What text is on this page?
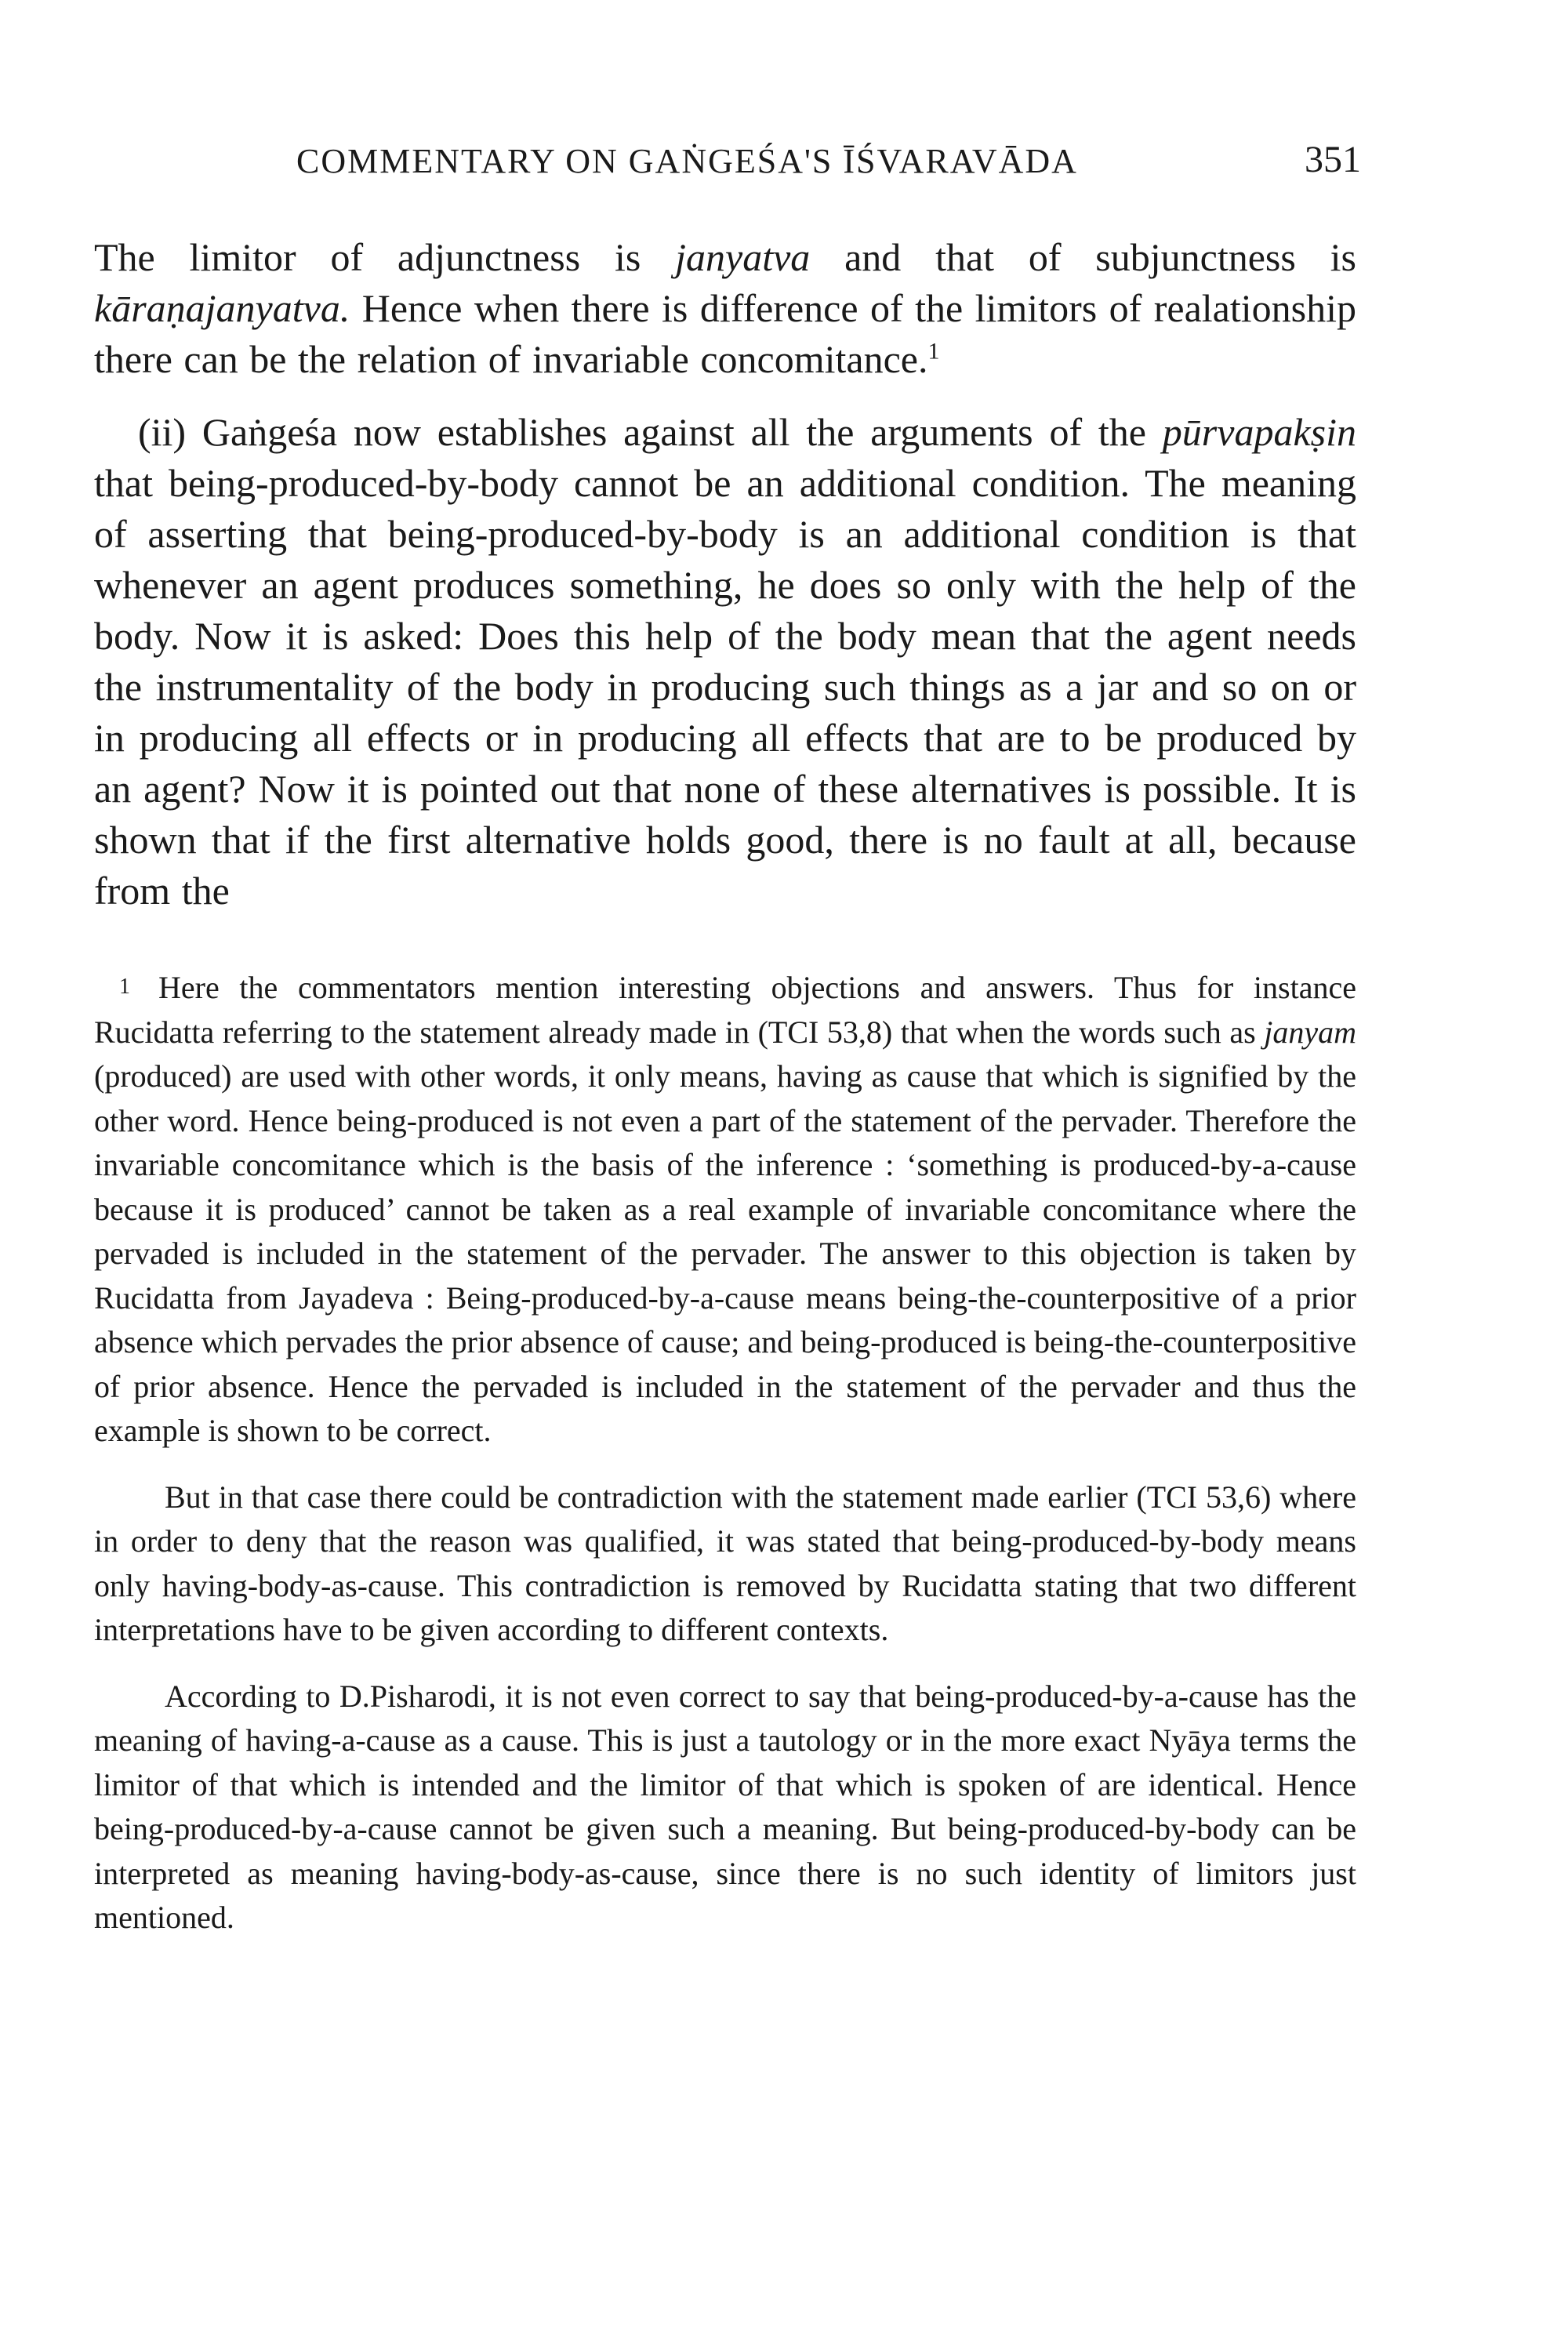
COMMENTARY ON GAṄGEŚA'S ĪŚVARAVĀDA	351

The limitor of adjunctness is janyatva and that of subjunctness is kāraṇajanyatva. Hence when there is difference of the limitors of realationship there can be the relation of invariable concomitance.$^1$

(ii) Gaṅgeśa now establishes against all the arguments of the pūrvapakṣin that being-produced-by-body cannot be an additional condition. The meaning of asserting that being-produced-by-body is an additional condition is that whenever an agent produces something, he does so only with the help of the body. Now it is asked: Does this help of the body mean that the agent needs the instrumentality of the body in producing such things as a jar and so on or in producing all effects or in producing all effects that are to be produced by an agent? Now it is pointed out that none of these alternatives is possible. It is shown that if the first alternative holds good, there is no fault at all, because from the

1 Here the commentators mention interesting objections and answers. Thus for instance Rucidatta referring to the statement already made in (TCI 53,8) that when the words such as janyam (produced) are used with other words, it only means, having as cause that which is signified by the other word. Hence being-produced is not even a part of the statement of the pervader. Therefore the invariable concomitance which is the basis of the inference : ‘something is produced-by-a-cause because it is produced’ cannot be taken as a real example of invariable concomitance where the pervaded is included in the statement of the pervader. The answer to this objection is taken by Rucidatta from Jayadeva : Being-produced-by-a-cause means being-the-counterpositive of a prior absence which pervades the prior absence of cause; and being-produced is being-the-counterpositive of prior absence. Hence the pervaded is included in the statement of the pervader and thus the example is shown to be correct.

But in that case there could be contradiction with the statement made earlier (TCI 53,6) where in order to deny that the reason was qualified, it was stated that being-produced-by-body means only having-body-as-cause. This contradiction is removed by Rucidatta stating that two different interpretations have to be given according to different contexts.

According to D.Pisharodi, it is not even correct to say that being-produced-by-a-cause has the meaning of having-a-cause as a cause. This is just a tautology or in the more exact Nyāya terms the limitor of that which is intended and the limitor of that which is spoken of are identical. Hence being-produced-by-a-cause cannot be given such a meaning. But being-produced-by-body can be interpreted as meaning having-body-as-cause, since there is no such identity of limitors just mentioned.
